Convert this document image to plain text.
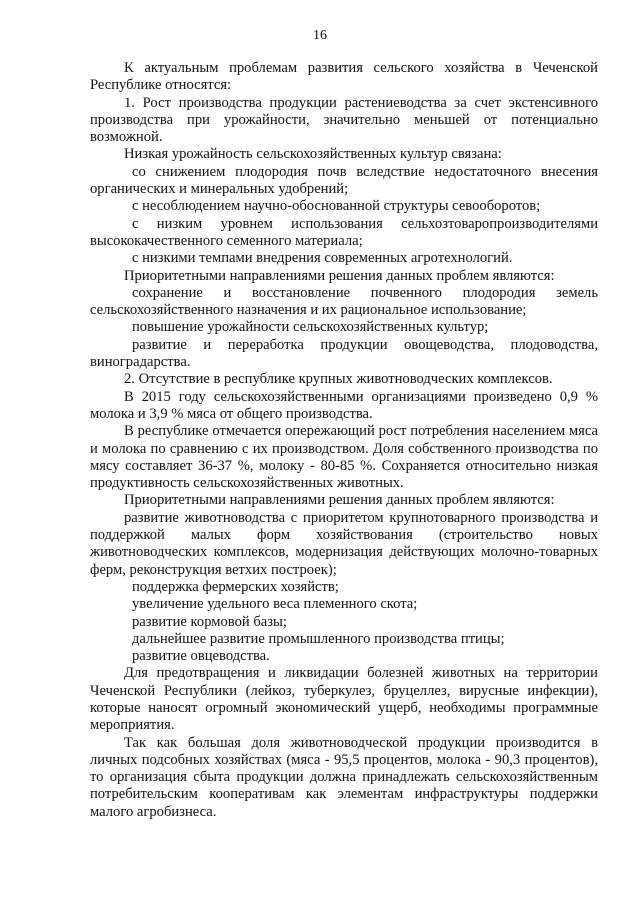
16

К актуальным проблемам развития сельского хозяйства в Чеченской Республике относятся:

1. Рост производства продукции растениеводства за счет экстенсивного производства при урожайности, значительно меньшей от потенциально возможной.

Низкая урожайность сельскохозяйственных культур связана:

со снижением плодородия почв вследствие недостаточного внесения органических и минеральных удобрений;

с несоблюдением научно-обоснованной структуры севооборотов;

с низким уровнем использования сельхозтоваропроизводителями высококачественного семенного материала;

с низкими темпами внедрения современных агротехнологий.

Приоритетными направлениями решения данных проблем являются:

сохранение и восстановление почвенного плодородия земель сельскохозяйственного назначения и их рациональное использование;

повышение урожайности сельскохозяйственных культур;

развитие и переработка продукции овощеводства, плодоводства, виноградарства.

2. Отсутствие в республике крупных животноводческих комплексов.

В 2015 году сельскохозяйственными организациями произведено 0,9 % молока и 3,9 % мяса от общего производства.

В республике отмечается опережающий рост потребления населением мяса и молока по сравнению с их производством. Доля собственного производства по мясу составляет 36-37 %, молоку - 80-85 %. Сохраняется относительно низкая продуктивность сельскохозяйственных животных.

Приоритетными направлениями решения данных проблем являются:

развитие животноводства с приоритетом крупнотоварного производства и поддержкой малых форм хозяйствования (строительство новых животноводческих комплексов, модернизация действующих молочно-товарных ферм, реконструкция ветхих построек);

поддержка фермерских хозяйств;

увеличение удельного веса племенного скота;

развитие кормовой базы;

дальнейшее развитие промышленного производства птицы;

развитие овцеводства.

Для предотвращения и ликвидации болезней животных на территории Чеченской Республики (лейкоз, туберкулез, бруцеллез, вирусные инфекции), которые наносят огромный экономический ущерб, необходимы программные мероприятия.

Так как большая доля животноводческой продукции производится в личных подсобных хозяйствах (мяса - 95,5 процентов, молока - 90,3 процентов), то организация сбыта продукции должна принадлежать сельскохозяйственным потребительским кооперативам как элементам инфраструктуры поддержки малого агробизнеса.
